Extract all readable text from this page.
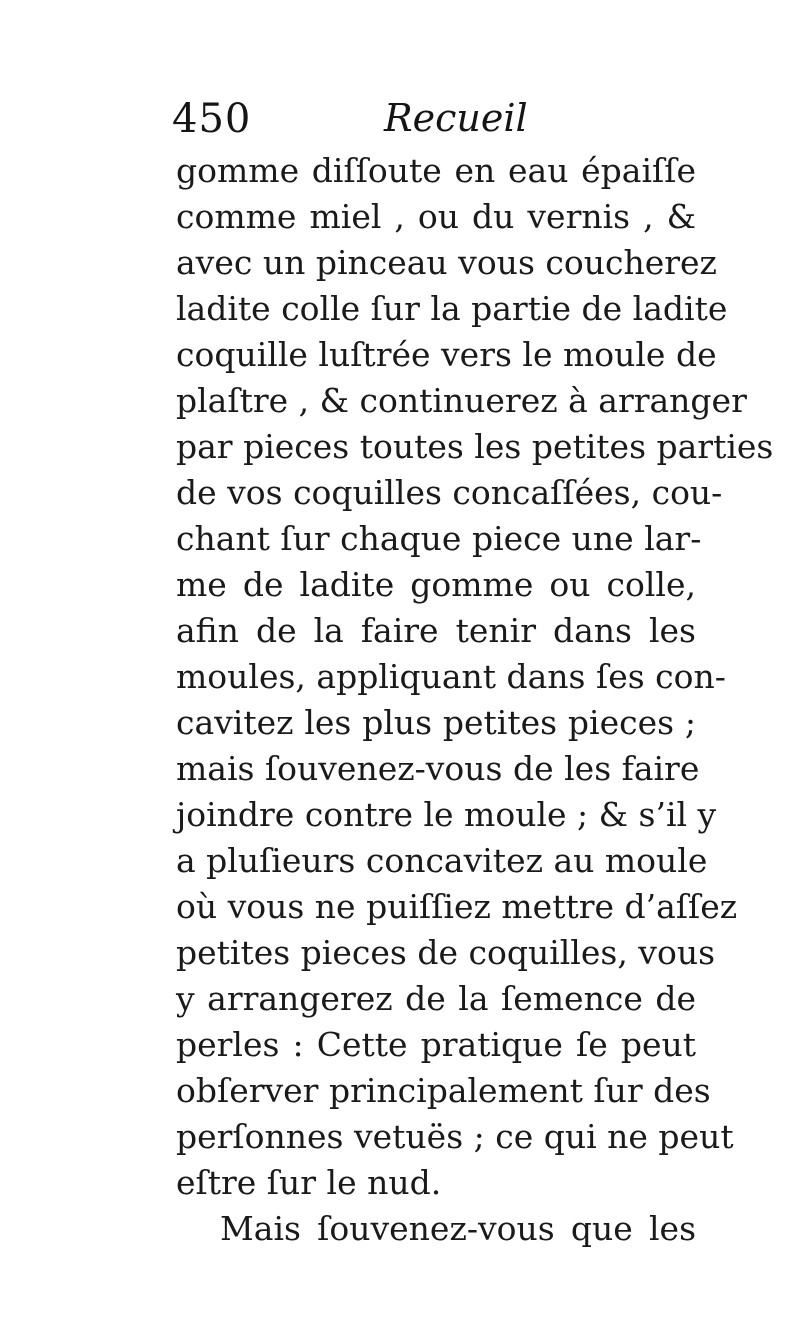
450	Recueil
gomme diſſoute en eau épaiſſe
comme miel , ou du vernis , &
avec un pinceau vous coucherez
ladite colle ſur la partie de ladite
coquille luſtrée vers le moule de
plaſtre , & continuerez à arranger
par pieces toutes les petites parties
de vos coquilles concaſſées, cou-
chant ſur chaque piece une lar-
me de ladite gomme ou colle,
afin de la faire tenir dans les
moules, appliquant dans ſes con-
cavitez les plus petites pieces ;
mais ſouvenez-vous de les faire
joindre contre le moule ; & s’il y
a pluſieurs concavitez au moule
où vous ne puiſſiez mettre d’aſſez
petites pieces de coquilles, vous
y arrangerez de la ſemence de
perles : Cette pratique ſe peut
obſerver principalement ſur des
perſonnes vetuës ; ce qui ne peut
eſtre ſur le nud.
Mais ſouvenez-vous que les
